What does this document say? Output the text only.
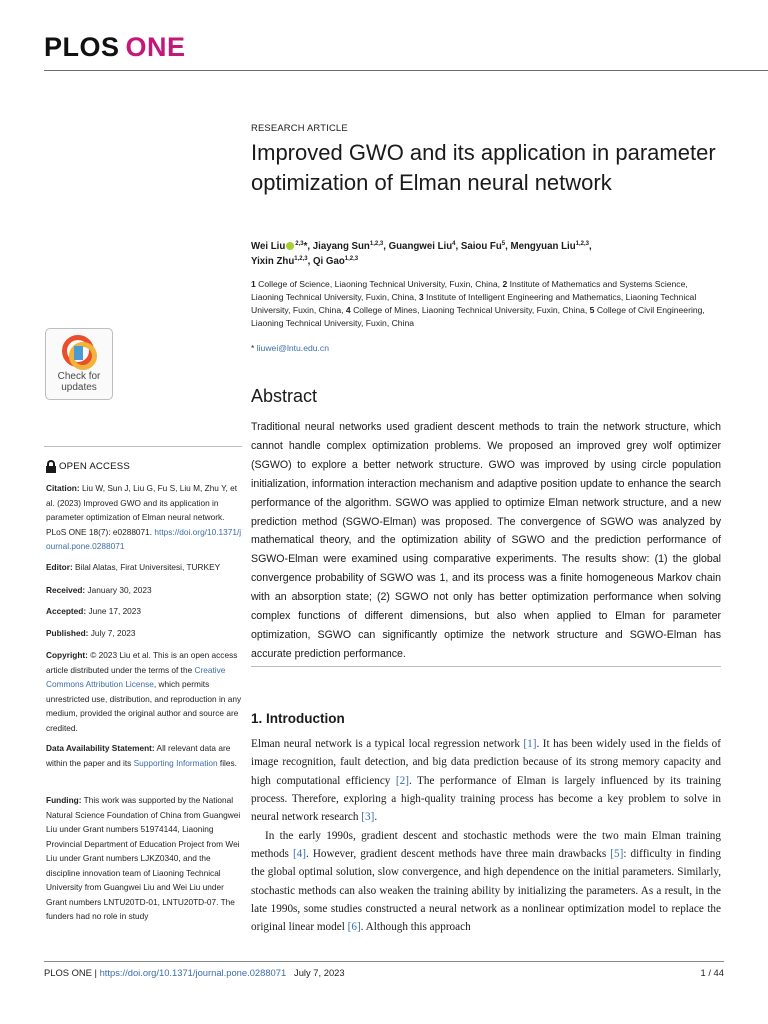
PLOS ONE
Check for
updates
OPEN ACCESS
Citation: Liu W, Sun J, Liu G, Fu S, Liu M, Zhu Y, et al. (2023) Improved GWO and its application in parameter optimization of Elman neural network. PLoS ONE 18(7): e0288071. https://doi.org/10.1371/journal.pone.0288071
Editor: Bilal Alatas, Firat Universitesi, TURKEY
Received: January 30, 2023
Accepted: June 17, 2023
Published: July 7, 2023
Copyright: © 2023 Liu et al. This is an open access article distributed under the terms of the Creative Commons Attribution License, which permits unrestricted use, distribution, and reproduction in any medium, provided the original author and source are credited.
Data Availability Statement: All relevant data are within the paper and its Supporting Information files.
Funding: This work was supported by the National Natural Science Foundation of China from Guangwei Liu under Grant numbers 51974144, Liaoning Provincial Department of Education Project from Wei Liu under Grant numbers LJKZ0340, and the discipline innovation team of Liaoning Technical University from Guangwei Liu and Wei Liu under Grant numbers LNTU20TD-01, LNTU20TD-07. The funders had no role in study
RESEARCH ARTICLE
Improved GWO and its application in parameter optimization of Elman neural network
Wei Liu $^{2,3}$*, Jiayang Sun$^{1,2,3}$, Guangwei Liu$^4$, Saiou Fu$^5$, Mengyuan Liu$^{1,2,3}$,
Yixin Zhu$^{1,2,3}$, Qi Gao$^{1,2,3}$
1 College of Science, Liaoning Technical University, Fuxin, China, 2 Institute of Mathematics and Systems Science, Liaoning Technical University, Fuxin, China, 3 Institute of Intelligent Engineering and Mathematics, Liaoning Technical University, Fuxin, China, 4 College of Mines, Liaoning Technical University, Fuxin, China, 5 College of Civil Engineering, Liaoning Technical University, Fuxin, China
* liuwei@lntu.edu.cn
Abstract
Traditional neural networks used gradient descent methods to train the network structure, which cannot handle complex optimization problems. We proposed an improved grey wolf optimizer (SGWO) to explore a better network structure. GWO was improved by using circle population initialization, information interaction mechanism and adaptive position update to enhance the search performance of the algorithm. SGWO was applied to optimize Elman network structure, and a new prediction method (SGWO-Elman) was proposed. The convergence of SGWO was analyzed by mathematical theory, and the optimization ability of SGWO and the prediction performance of SGWO-Elman were examined using comparative experiments. The results show: (1) the global convergence probability of SGWO was 1, and its process was a finite homogeneous Markov chain with an absorption state; (2) SGWO not only has better optimization performance when solving complex functions of different dimensions, but also when applied to Elman for parameter optimization, SGWO can significantly optimize the network structure and SGWO-Elman has accurate prediction performance.
1. Introduction

Elman neural network is a typical local regression network [1]. It has been widely used in the fields of image recognition, fault detection, and big data prediction because of its strong memory capacity and high computational efficiency [2]. The performance of Elman is largely influenced by its training process. Therefore, exploring a high-quality training process has become a key problem to solve in neural network research [3].

In the early 1990s, gradient descent and stochastic methods were the two main Elman training methods [4]. However, gradient descent methods have three main drawbacks [5]: difficulty in finding the global optimal solution, slow convergence, and high dependence on the initial parameters. Similarly, stochastic methods can also weaken the training ability by initializing the parameters. As a result, in the late 1990s, some studies constructed a neural network as a nonlinear optimization model to replace the original linear model [6]. Although this approach

PLOS ONE | https://doi.org/10.1371/journal.pone.0288071 July 7, 2023	1 / 44
